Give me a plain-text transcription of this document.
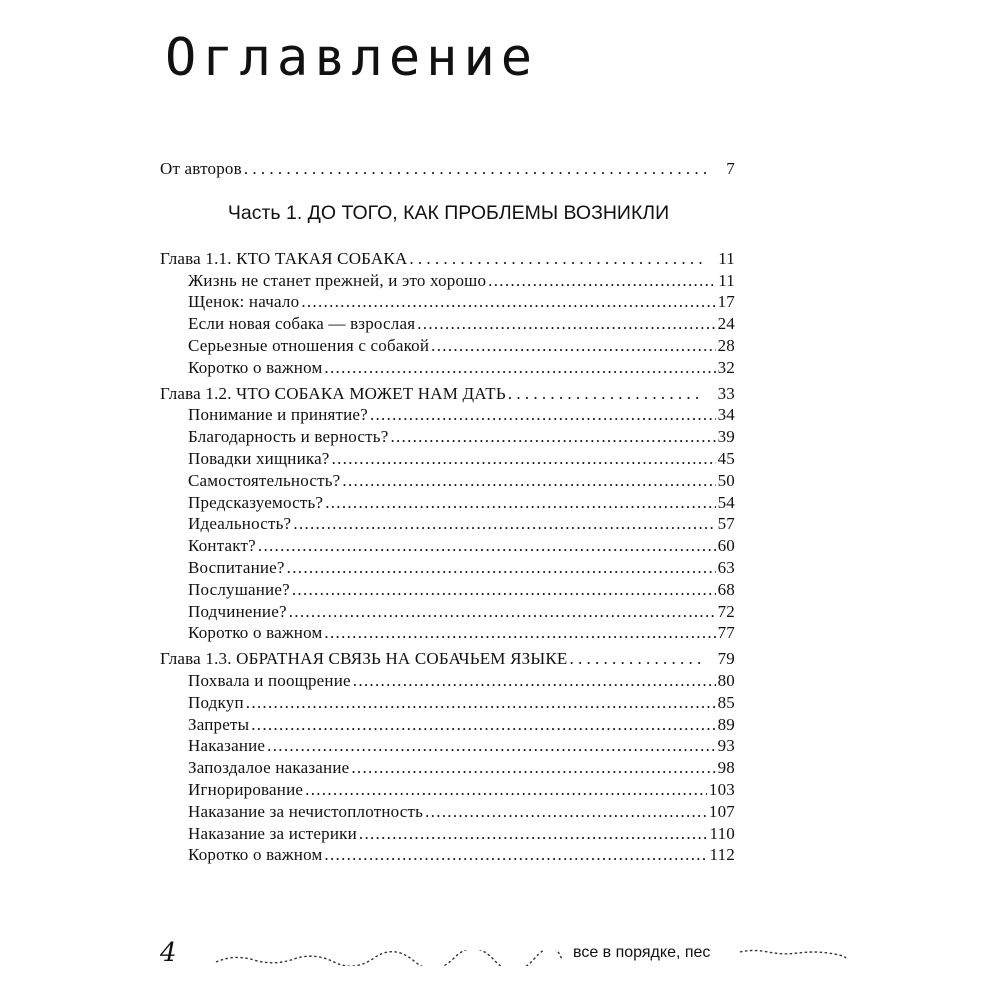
Оглавление
От авторов . . .	7
Часть 1. ДО ТОГО, КАК ПРОБЛЕМЫ ВОЗНИКЛИ
Глава 1.1. КТО ТАКАЯ СОБАКА . . .	11
Жизнь не станет прежней, и это хорошо .....	11
Щенок: начало .....	17
Если новая собака — взрослая .....	24
Серьезные отношения с собакой .....	28
Коротко о важном .....	32
Глава 1.2. ЧТО СОБАКА МОЖЕТ НАМ ДАТЬ . . .	33
Понимание и принятие? .....	34
Благодарность и верность? .....	39
Повадки хищника? .....	45
Самостоятельность? .....	50
Предсказуемость? .....	54
Идеальность? .....	57
Контакт? .....	60
Воспитание? .....	63
Послушание? .....	68
Подчинение? .....	72
Коротко о важном .....	77
Глава 1.3. ОБРАТНАЯ СВЯЗЬ НА СОБАЧЬЕМ ЯЗЫКЕ . . .	79
Похвала и поощрение .....	80
Подкуп .....	85
Запреты .....	89
Наказание .....	93
Запоздалое наказание .....	98
Игнорирование .....	103
Наказание за нечистоплотность .....	107
Наказание за истерики .....	110
Коротко о важном .....	112
4	все в порядке, пес
